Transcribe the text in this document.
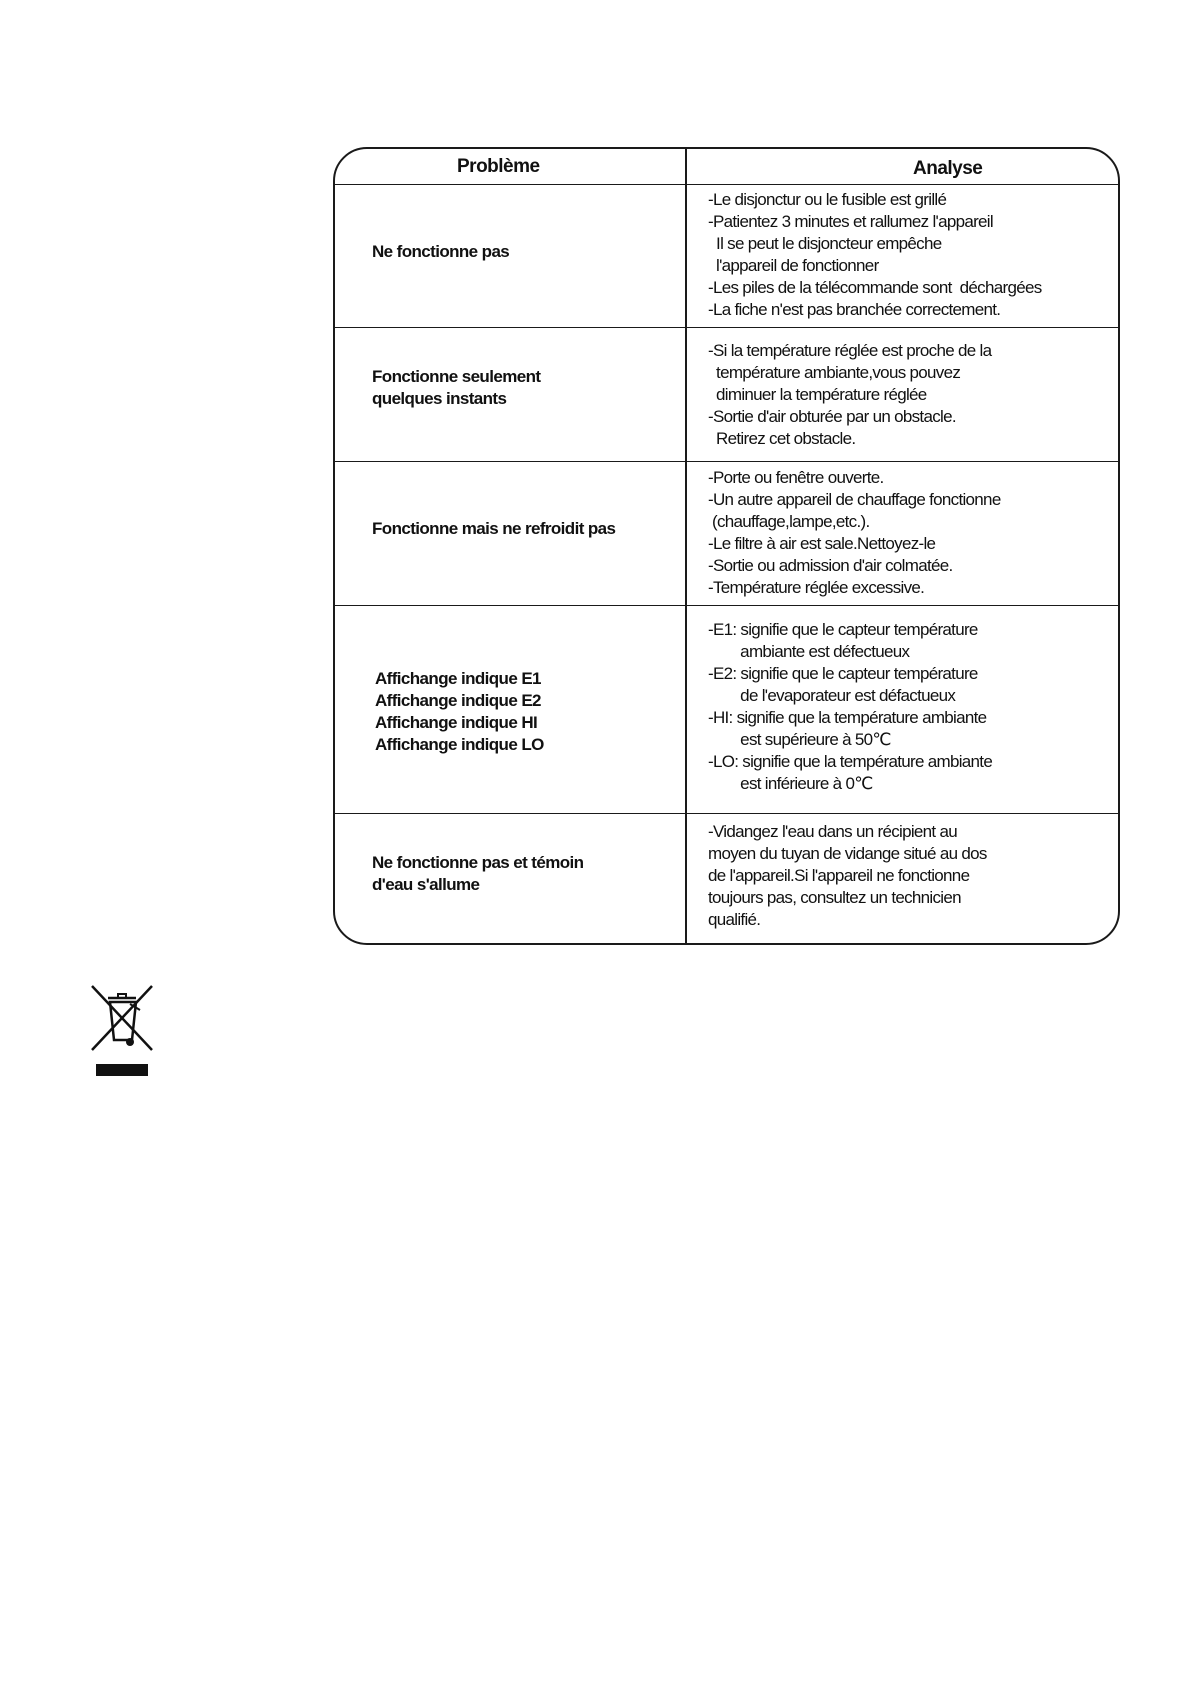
Problème	Analyse
Ne fonctionne pas
-Le disjonctur ou le fusible est grillé
-Patientez 3 minutes et rallumez l'appareil
Il se peut le disjoncteur empêche
l'appareil de fonctionner
-Les piles de la télécommande sont  déchargées
-La fiche n'est pas branchée correctement.
Fonctionne seulement
quelques instants
-Si la température réglée est proche de la
température ambiante,vous pouvez
diminuer la température réglée
-Sortie d'air obturée par un obstacle.
Retirez cet obstacle.
Fonctionne mais ne refroidit pas
-Porte ou fenêtre ouverte.
-Un autre appareil de chauffage fonctionne
(chauffage,lampe,etc.).
-Le filtre à air est sale.Nettoyez-le
-Sortie ou admission d'air colmatée.
-Température réglée excessive.
Affichange indique E1
Affichange indique E2
Affichange indique HI
Affichange indique LO
-E1: signifie que le capteur température
ambiante est défectueux
-E2: signifie que le capteur température
de l'evaporateur est défactueux
-HI: signifie que la température ambiante
est supérieure à 50℃
-LO: signifie que la température ambiante
est inférieure à 0℃
Ne fonctionne pas et témoin
d'eau s'allume
-Vidangez l'eau dans un récipient au
moyen du tuyan de vidange situé au dos
de l'appareil.Si l'appareil ne fonctionne
toujours pas, consultez un technicien
qualifié.
